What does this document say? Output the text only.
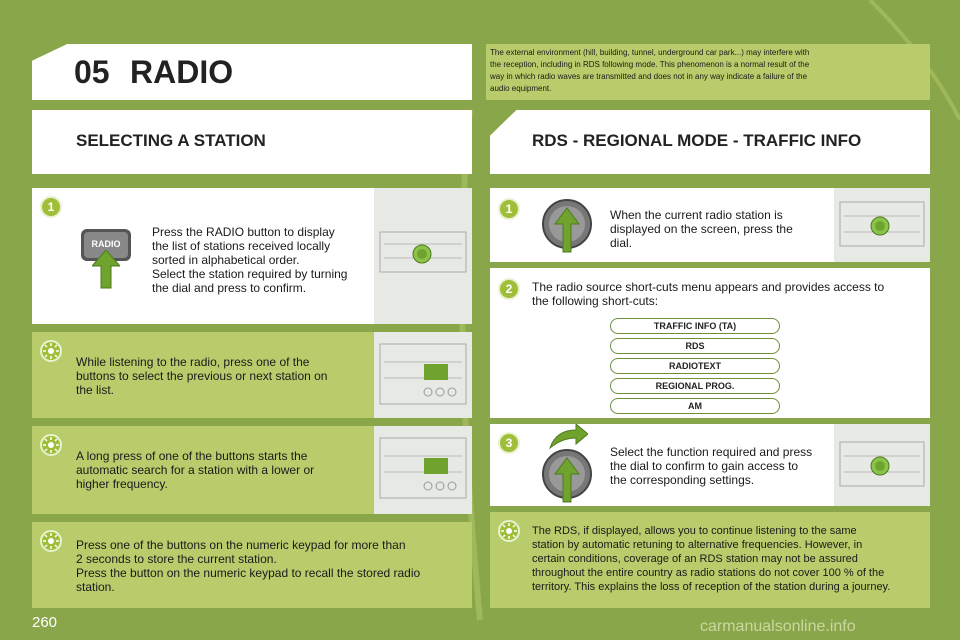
05 RADIO
The external environment (hill, building, tunnel, underground car park...) may interfere with
the reception, including in RDS following mode. This phenomenon is a normal result of the
way in which radio waves are transmitted and does not in any way indicate a failure of the
audio equipment.
SELECTING A STATION	RDS - REGIONAL MODE - TRAFFIC INFO
1
RADIO
Press the RADIO button to display
the list of stations received locally
sorted in alphabetical order.
Select the station required by turning
the dial and press to confirm.
While listening to the radio, press one of the
buttons to select the previous or next station on
the list.
A long press of one of the buttons starts the
automatic search for a station with a lower or
higher frequency.
Press one of the buttons on the numeric keypad for more than
2 seconds to store the current station.
Press the button on the numeric keypad to recall the stored radio
station.
1	When the current radio station is
displayed on the screen, press the
dial.
2	The radio source short-cuts menu appears and provides access to
the following short-cuts:
TRAFFIC INFO (TA)
RDS
RADIOTEXT
REGIONAL PROG.
AM
3
Select the function required and press
the dial to confirm to gain access to
the corresponding settings.
The RDS, if displayed, allows you to continue listening to the same
station by automatic retuning to alternative frequencies. However, in
certain conditions, coverage of an RDS station may not be assured
throughout the entire country as radio stations do not cover 100 % of the
territory. This explains the loss of reception of the station during a journey.
260	carmanualsonline.info
